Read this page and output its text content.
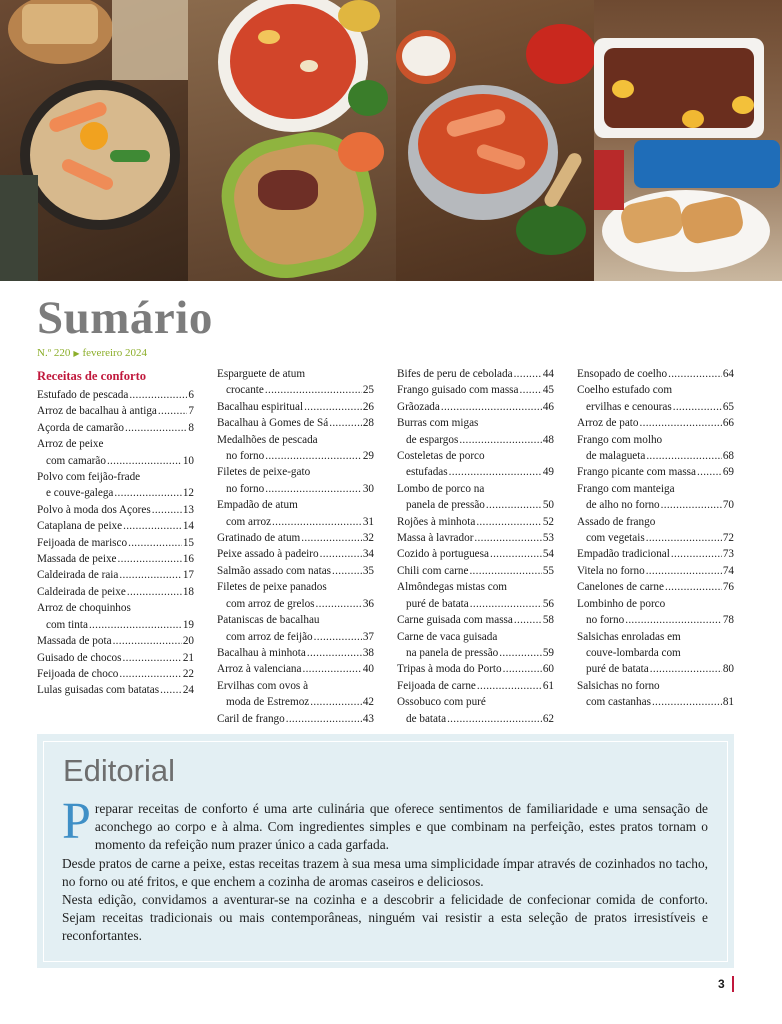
Sumário
N.º 220 ▶ fevereiro 2024
Receitas de conforto
Estufado de pescada .....	6
Arroz de bacalhau à antiga .....	7
Açorda de camarão .....	8
Arroz de peixe
com camarão .....	10
Polvo com feijão-frade
e couve-galega .....	12
Polvo à moda dos Açores .....	13
Cataplana de peixe .....	14
Feijoada de marisco .....	15
Massada de peixe .....	16
Caldeirada de raia .....	17
Caldeirada de peixe .....	18
Arroz de choquinhos
com tinta .....	19
Massada de pota .....	20
Guisado de chocos .....	21
Feijoada de choco .....	22
Lulas guisadas com batatas ..... 24
Esparguete de atum
crocante .....	25
Bacalhau espiritual .....	26
Bacalhau à Gomes de Sá .....	28
Medalhões de pescada
no forno .....	29
Filetes de peixe-gato
no forno .....	30
Empadão de atum
com arroz .....	31
Gratinado de atum .....	32
Peixe assado à padeiro .....	34
Salmão assado com natas .....	35
Filetes de peixe panados
com arroz de grelos .....	36
Pataniscas de bacalhau
com arroz de feijão .....	37
Bacalhau à minhota .....	38
Arroz à valenciana .....	40
Ervilhas com ovos à
moda de Estremoz .....	42
Caril de frango .....	43
Bifes de peru de cebolada .....	44
Frango guisado com massa ..... 45
Grãozada .....	46
Burras com migas
de espargos .....	48
Costeletas de porco
estufadas .....	49
Lombo de porco na
panela de pressão .....	50
Rojões à minhota .....	52
Massa à lavrador .....	53
Cozido à portuguesa .....	54
Chili com carne .....	55
Almôndegas mistas com
puré de batata .....	56
Carne guisada com massa .....	58
Carne de vaca guisada
na panela de pressão .....	59
Tripas à moda do Porto .....	60
Feijoada de carne .....	61
Ossobuco com puré
de batata .....	62
Ensopado de coelho .....	64
Coelho estufado com
ervilhas e cenouras .....	65
Arroz de pato .....	66
Frango com molho
de malagueta .....	68
Frango picante com massa ..... 69
Frango com manteiga
de alho no forno .....	70
Assado de frango
com vegetais .....	72
Empadão tradicional .....	73
Vitela no forno .....	74
Canelones de carne .....	76
Lombinho de porco
no forno .....	78
Salsichas enroladas em
couve-lombarda com
puré de batata .....	80
Salsichas no forno
com castanhas .....	81
Editorial

Preparar receitas de conforto é uma arte culinária que oferece sentimentos de familiaridade e uma sensação de aconchego ao corpo e à alma. Com ingredientes simples e que combinam na perfeição, estes pratos tornam o momento da refeição num prazer único a cada garfada.

Desde pratos de carne a peixe, estas receitas trazem à sua mesa uma simplicidade ímpar através de cozinhados no tacho, no forno ou até fritos, e que enchem a cozinha de aromas caseiros e deliciosos.

Nesta edição, convidamos a aventurar-se na cozinha e a descobrir a felicidade de confecionar comida de conforto. Sejam receitas tradicionais ou mais contemporâneas, ninguém vai resistir a esta seleção de pratos irresistíveis e reconfortantes.

3
